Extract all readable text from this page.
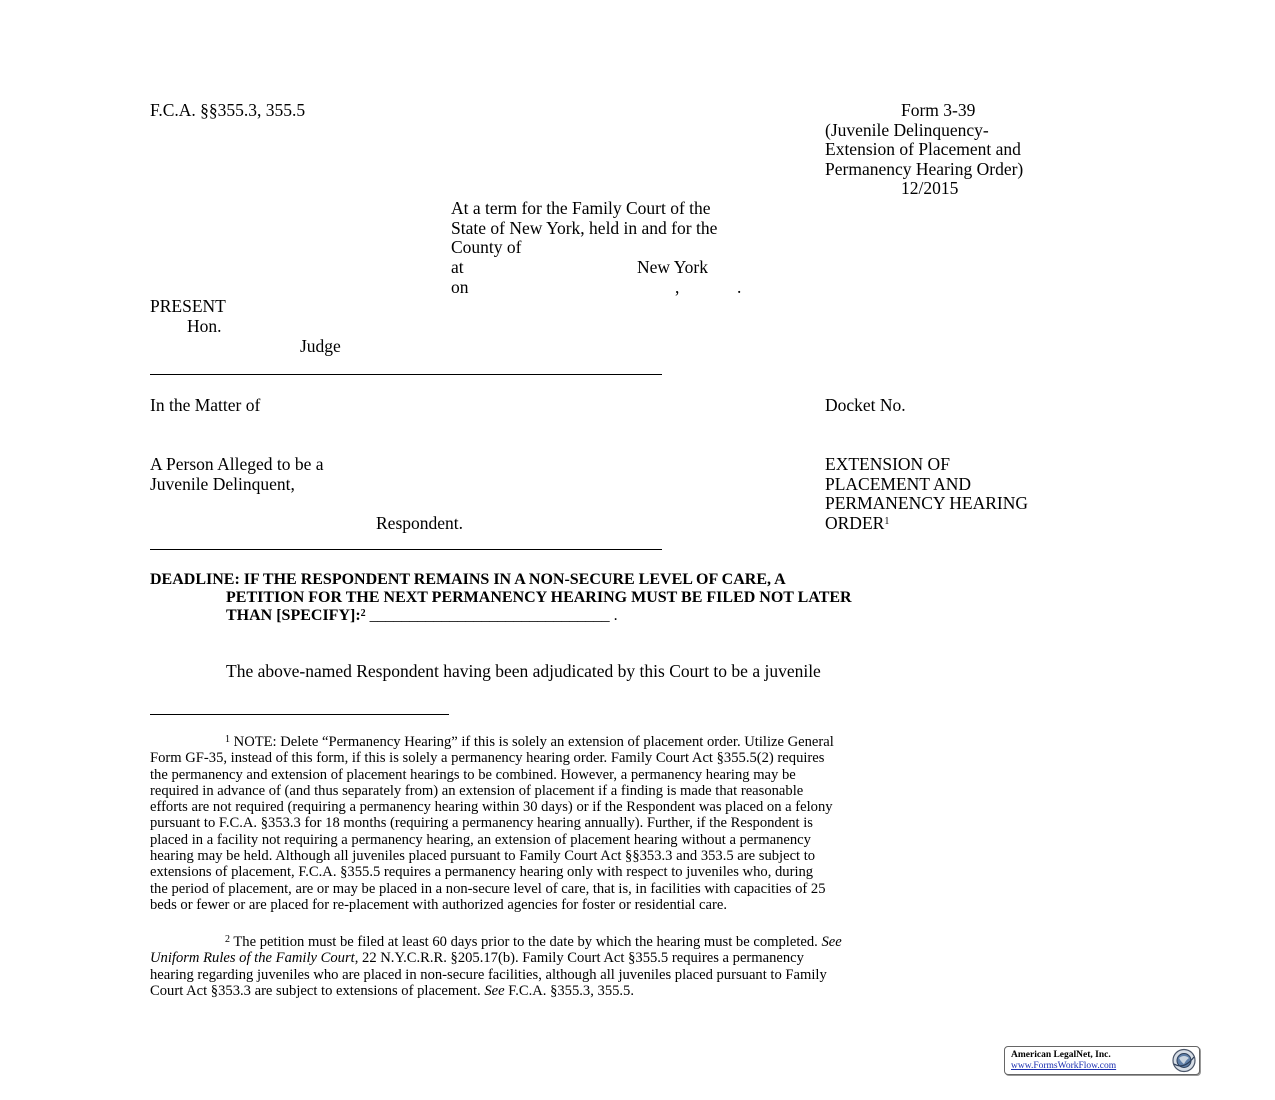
F.C.A. §§355.3, 355.5	Form 3-39
(Juvenile Delinquency-
Extension of Placement and
Permanency Hearing Order)
12/2015
At a term for the Family Court of the
State of New York, held in and for the
County of
at	New York
on	,	.
PRESENT
Hon.
Judge
In the Matter of	Docket No.
A Person Alleged to be a
Juvenile Delinquent,
Respondent.
EXTENSION OF
PLACEMENT AND
PERMANENCY HEARING
ORDER$^1$
DEADLINE: IF THE RESPONDENT REMAINS IN A NON-SECURE LEVEL OF CARE, A
PETITION FOR THE NEXT PERMANENCY HEARING MUST BE FILED NOT LATER
THAN [SPECIFY]:$^2$ ______________________________ .
The above-named Respondent having been adjudicated by this Court to be a juvenile
$^1$ NOTE: Delete “Permanency Hearing” if this is solely an extension of placement order. Utilize General
Form GF-35, instead of this form, if this is solely a permanency hearing order. Family Court Act §355.5(2) requires
the permanency and extension of placement hearings to be combined. However, a permanency hearing may be
required in advance of (and thus separately from) an extension of placement if a finding is made that reasonable
efforts are not required (requiring a permanency hearing within 30 days) or if the Respondent was placed on a felony
pursuant to F.C.A. §353.3 for 18 months (requiring a permanency hearing annually). Further, if the Respondent is
placed in a facility not requiring a permanency hearing, an extension of placement hearing without a permanency
hearing may be held. Although all juveniles placed pursuant to Family Court Act §§353.3 and 353.5 are subject to
extensions of placement, F.C.A. §355.5 requires a permanency hearing only with respect to juveniles who, during
the period of placement, are or may be placed in a non-secure level of care, that is, in facilities with capacities of 25
beds or fewer or are placed for re-placement with authorized agencies for foster or residential care.
$^2$ The petition must be filed at least 60 days prior to the date by which the hearing must be completed. See
Uniform Rules of the Family Court, 22 N.Y.C.R.R. §205.17(b). Family Court Act §355.5 requires a permanency
hearing regarding juveniles who are placed in non-secure facilities, although all juveniles placed pursuant to Family
Court Act §353.3 are subject to extensions of placement. See F.C.A. §355.3, 355.5.
American LegalNet, Inc.
www.FormsWorkFlow.com
